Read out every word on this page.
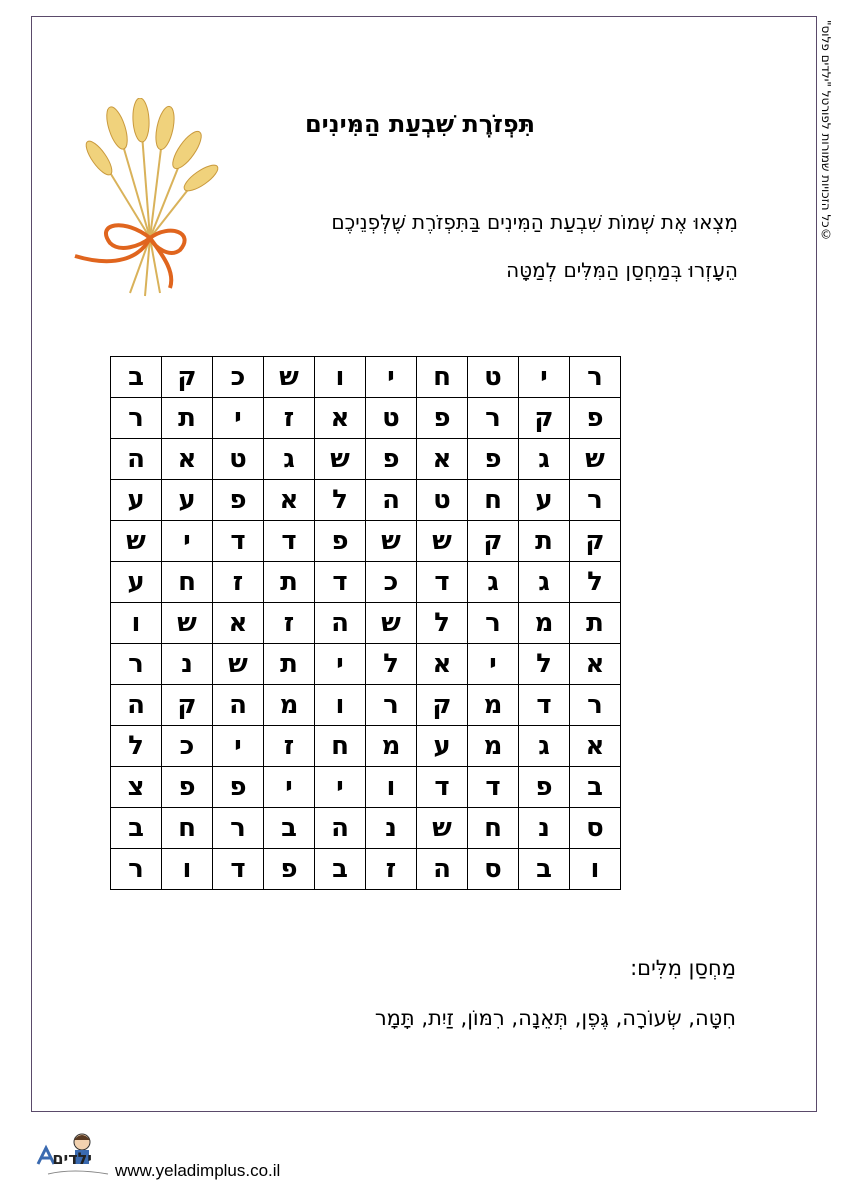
©כל הזכויות שמורות לפורטל "ילדים פלוס"
תִּפְזֹרֶת שִׁבְעַת הַמִּינִים

מִצְאוּ אֶת שְׁמוֹת שִׁבְעַת הַמִּינִים בַּתִּפְזֹרֶת שֶׁלְּפְנֵיכֶם

הֵעָזְרוּ בְּמַחְסַן הַמִּלִּים לְמַטָּה

ר	י	ט	ח	י	ו	ש	כ	ק	ב
פ	ק	ר	פ	ט	א	ז	י	ת	ר
ש	ג	פ	א	פ	ש	ג	ט	א	ה
ר	ע	ח	ט	ה	ל	א	פ	ע	ע
ק	ת	ק	ש	ש	פ	ד	ד	י	ש
ל	ג	ג	ד	כ	ד	ת	ז	ח	ע
ת	מ	ר	ל	ש	ה	ז	א	ש	ו
א	ל	י	א	ל	י	ת	ש	נ	ר
ר	ד	מ	ק	ר	ו	מ	ה	ק	ה
א	ג	מ	ע	מ	ח	ז	י	כ	ל
ב	פ	ד	ד	ו	י	י	פ	פ	צ
ס	נ	ח	ש	נ	ה	ב	ר	ח	ב
ו	ב	ס	ה	ז	ב	פ	ד	ו	ר

מַחְסַן מִלִּים:

חִטָּה, שְׂעוֹרָה, גֶּפֶן, תְּאֵנָה, רִמּוֹן, זַיִת, תָּמָר

ילדים
www.yeladimplus.co.il
